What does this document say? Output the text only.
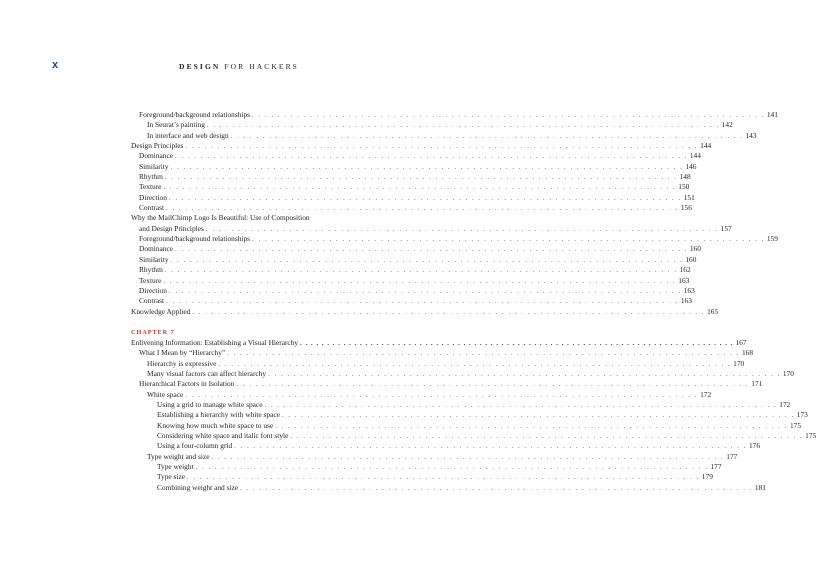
x	DESIGN FOR HACKERS
Foreground/background relationships . . . . . . . . . . . . . . . . . . . . . . . . . . . . . . . . . . . . . . . . . . . . . . . . . . . . . . . . . . . . . . . . . . . . . . . . . . . . . . . . 141
In Seurat’s painting . . . . . . . . . . . . . . . . . . . . . . . . . . . . . . . . . . . . . . . . . . . . . . . . . . . . . . . . . . . . . . . . . . . . . . . . . . . . . . . . 142
In interface and web design . . . . . . . . . . . . . . . . . . . . . . . . . . . . . . . . . . . . . . . . . . . . . . . . . . . . . . . . . . . . . . . . . . . . . . . . . . . . . . . . 143
Design Principles . . . . . . . . . . . . . . . . . . . . . . . . . . . . . . . . . . . . . . . . . . . . . . . . . . . . . . . . . . . . . . . . . . . . . . . . . . . . . . . . 144
Dominance . . . . . . . . . . . . . . . . . . . . . . . . . . . . . . . . . . . . . . . . . . . . . . . . . . . . . . . . . . . . . . . . . . . . . . . . . . . . . . . . 144
Similarity . . . . . . . . . . . . . . . . . . . . . . . . . . . . . . . . . . . . . . . . . . . . . . . . . . . . . . . . . . . . . . . . . . . . . . . . . . . . . . . . 146
Rhythm . . . . . . . . . . . . . . . . . . . . . . . . . . . . . . . . . . . . . . . . . . . . . . . . . . . . . . . . . . . . . . . . . . . . . . . . . . . . . . . . 148
Texture . . . . . . . . . . . . . . . . . . . . . . . . . . . . . . . . . . . . . . . . . . . . . . . . . . . . . . . . . . . . . . . . . . . . . . . . . . . . . . . . 150
Direction . . . . . . . . . . . . . . . . . . . . . . . . . . . . . . . . . . . . . . . . . . . . . . . . . . . . . . . . . . . . . . . . . . . . . . . . . . . . . . . . 151
Contrast . . . . . . . . . . . . . . . . . . . . . . . . . . . . . . . . . . . . . . . . . . . . . . . . . . . . . . . . . . . . . . . . . . . . . . . . . . . . . . . . 156
Why the MailChimp Logo Is Beautiful: Use of Composition
and Design Principles . . . . . . . . . . . . . . . . . . . . . . . . . . . . . . . . . . . . . . . . . . . . . . . . . . . . . . . . . . . . . . . . . . . . . . . . . . . . . . . . 157
Foreground/background relationships . . . . . . . . . . . . . . . . . . . . . . . . . . . . . . . . . . . . . . . . . . . . . . . . . . . . . . . . . . . . . . . . . . . . . . . . . . . . . . . . 159
Dominance . . . . . . . . . . . . . . . . . . . . . . . . . . . . . . . . . . . . . . . . . . . . . . . . . . . . . . . . . . . . . . . . . . . . . . . . . . . . . . . . 160
Similarity . . . . . . . . . . . . . . . . . . . . . . . . . . . . . . . . . . . . . . . . . . . . . . . . . . . . . . . . . . . . . . . . . . . . . . . . . . . . . . . . 160
Rhythm . . . . . . . . . . . . . . . . . . . . . . . . . . . . . . . . . . . . . . . . . . . . . . . . . . . . . . . . . . . . . . . . . . . . . . . . . . . . . . . . 162
Texture . . . . . . . . . . . . . . . . . . . . . . . . . . . . . . . . . . . . . . . . . . . . . . . . . . . . . . . . . . . . . . . . . . . . . . . . . . . . . . . . 163
Direction . . . . . . . . . . . . . . . . . . . . . . . . . . . . . . . . . . . . . . . . . . . . . . . . . . . . . . . . . . . . . . . . . . . . . . . . . . . . . . . . 163
Contrast . . . . . . . . . . . . . . . . . . . . . . . . . . . . . . . . . . . . . . . . . . . . . . . . . . . . . . . . . . . . . . . . . . . . . . . . . . . . . . . . 163
Knowledge Applied . . . . . . . . . . . . . . . . . . . . . . . . . . . . . . . . . . . . . . . . . . . . . . . . . . . . . . . . . . . . . . . . . . . . . . . . . . . . . . . . 165
CHAPTER 7
Enlivening Information: Establishing a Visual Hierarchy . . . . . . . . . . . . . . . . . . . . . . . . . . . . . . . . . . . . . . . . . . . . . . . . . . . . . . . . . . . . . . . . . . . . . . . . . . . . . . . . 167
What I Mean by “Hierarchy” . . . . . . . . . . . . . . . . . . . . . . . . . . . . . . . . . . . . . . . . . . . . . . . . . . . . . . . . . . . . . . . . . . . . . . . . . . . . . . . . 168
Hierarchy is expressive . . . . . . . . . . . . . . . . . . . . . . . . . . . . . . . . . . . . . . . . . . . . . . . . . . . . . . . . . . . . . . . . . . . . . . . . . . . . . . . . 170
Many visual factors can affect hierarchy . . . . . . . . . . . . . . . . . . . . . . . . . . . . . . . . . . . . . . . . . . . . . . . . . . . . . . . . . . . . . . . . . . . . . . . . . . . . . . . . 170
Hierarchical Factors in Isolation . . . . . . . . . . . . . . . . . . . . . . . . . . . . . . . . . . . . . . . . . . . . . . . . . . . . . . . . . . . . . . . . . . . . . . . . . . . . . . . . 171
White space . . . . . . . . . . . . . . . . . . . . . . . . . . . . . . . . . . . . . . . . . . . . . . . . . . . . . . . . . . . . . . . . . . . . . . . . . . . . . . . . 172
Using a grid to manage white space . . . . . . . . . . . . . . . . . . . . . . . . . . . . . . . . . . . . . . . . . . . . . . . . . . . . . . . . . . . . . . . . . . . . . . . . . . . . . . . . 172
Establishing a hierarchy with white space . . . . . . . . . . . . . . . . . . . . . . . . . . . . . . . . . . . . . . . . . . . . . . . . . . . . . . . . . . . . . . . . . . . . . . . . . . . . . . . . 173
Knowing how much white space to use . . . . . . . . . . . . . . . . . . . . . . . . . . . . . . . . . . . . . . . . . . . . . . . . . . . . . . . . . . . . . . . . . . . . . . . . . . . . . . . . 175
Considering white space and italic font style . . . . . . . . . . . . . . . . . . . . . . . . . . . . . . . . . . . . . . . . . . . . . . . . . . . . . . . . . . . . . . . . . . . . . . . . . . . . . . . . 175
Using a four-column grid . . . . . . . . . . . . . . . . . . . . . . . . . . . . . . . . . . . . . . . . . . . . . . . . . . . . . . . . . . . . . . . . . . . . . . . . . . . . . . . . 176
Type weight and size . . . . . . . . . . . . . . . . . . . . . . . . . . . . . . . . . . . . . . . . . . . . . . . . . . . . . . . . . . . . . . . . . . . . . . . . . . . . . . . . 177
Type weight . . . . . . . . . . . . . . . . . . . . . . . . . . . . . . . . . . . . . . . . . . . . . . . . . . . . . . . . . . . . . . . . . . . . . . . . . . . . . . . . 177
Type size . . . . . . . . . . . . . . . . . . . . . . . . . . . . . . . . . . . . . . . . . . . . . . . . . . . . . . . . . . . . . . . . . . . . . . . . . . . . . . . . 179
Combining weight and size . . . . . . . . . . . . . . . . . . . . . . . . . . . . . . . . . . . . . . . . . . . . . . . . . . . . . . . . . . . . . . . . . . . . . . . . . . . . . . . . 181
